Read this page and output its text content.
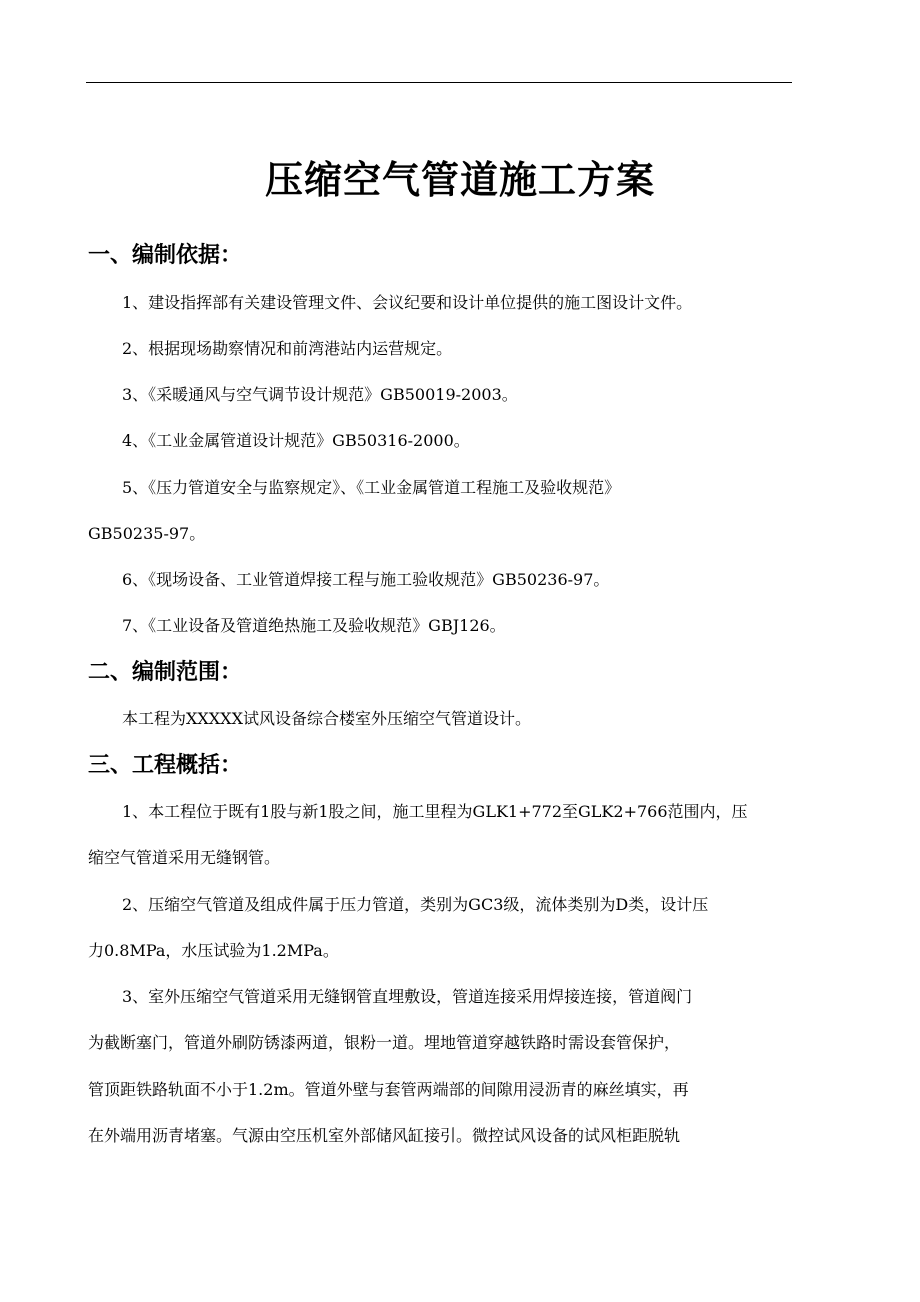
压缩空气管道施工方案
一、编制依据：

1、建设指挥部有关建设管理文件、会议纪要和设计单位提供的施工图设计文件。

2、根据现场勘察情况和前湾港站内运营规定。

3、《采暖通风与空气调节设计规范》GB50019-2003。

4、《工业金属管道设计规范》GB50316-2000。

5、《压力管道安全与监察规定》、《工业金属管道工程施工及验收规范》

GB50235-97。

6、《现场设备、工业管道焊接工程与施工验收规范》GB50236-97。

7、《工业设备及管道绝热施工及验收规范》GBJ126。

二、编制范围：

本工程为XXXXX试风设备综合楼室外压缩空气管道设计。

三、工程概括：

1、本工程位于既有1股与新1股之间，施工里程为GLK1+772至GLK2+766范围内，压

缩空气管道采用无缝钢管。

2、压缩空气管道及组成件属于压力管道，类别为GC3级，流体类别为D类，设计压

力0.8MPa，水压试验为1.2MPa。

3、室外压缩空气管道采用无缝钢管直埋敷设，管道连接采用焊接连接，管道阀门

为截断塞门，管道外刷防锈漆两道，银粉一道。埋地管道穿越铁路时需设套管保护，

管顶距铁路轨面不小于1.2m。管道外壁与套管两端部的间隙用浸沥青的麻丝填实，再

在外端用沥青堵塞。气源由空压机室外部储风缸接引。微控试风设备的试风柜距脱轨
